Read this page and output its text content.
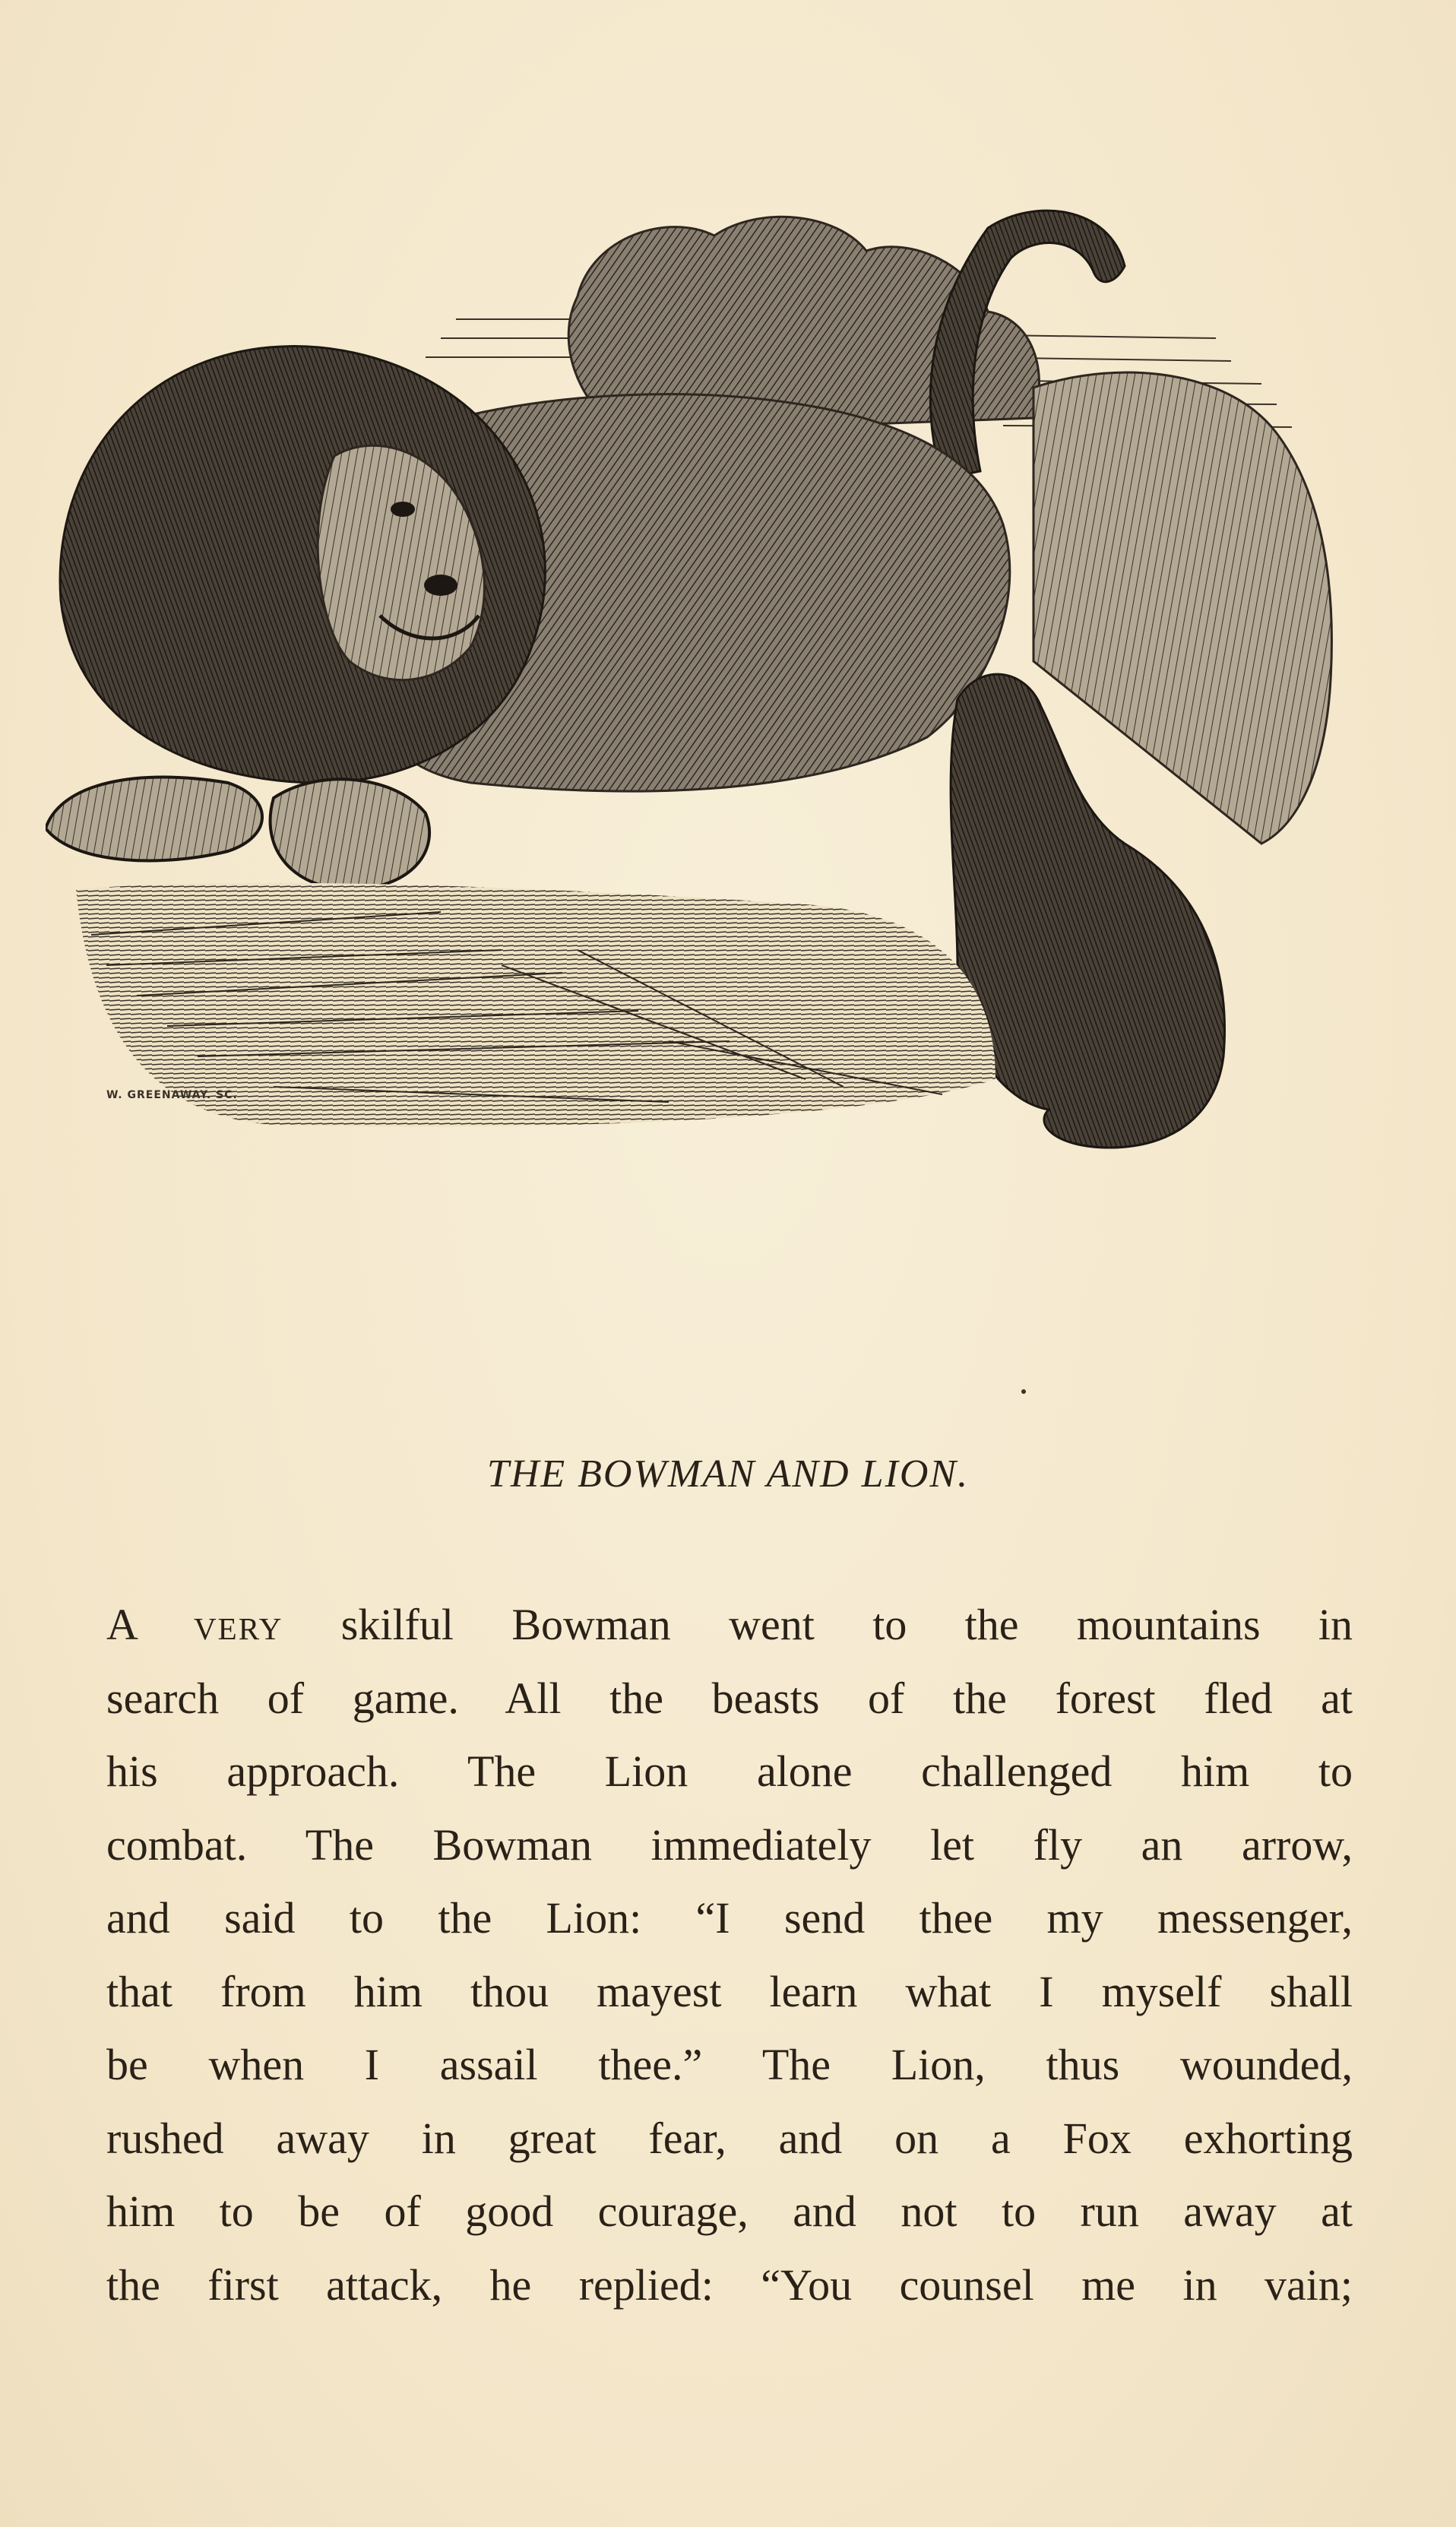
W. GREENAWAY. SC.
THE BOWMAN AND LION.
A very skilful Bowman went to the mountains in
search of game. All the beasts of the forest fled at
his approach. The Lion alone challenged him to
combat. The Bowman immediately let fly an arrow,
and said to the Lion: “I send thee my messenger,
that from him thou mayest learn what I myself shall
be when I assail thee.” The Lion, thus wounded,
rushed away in great fear, and on a Fox exhorting
him to be of good courage, and not to run away at
the first attack, he replied: “You counsel me in vain;
